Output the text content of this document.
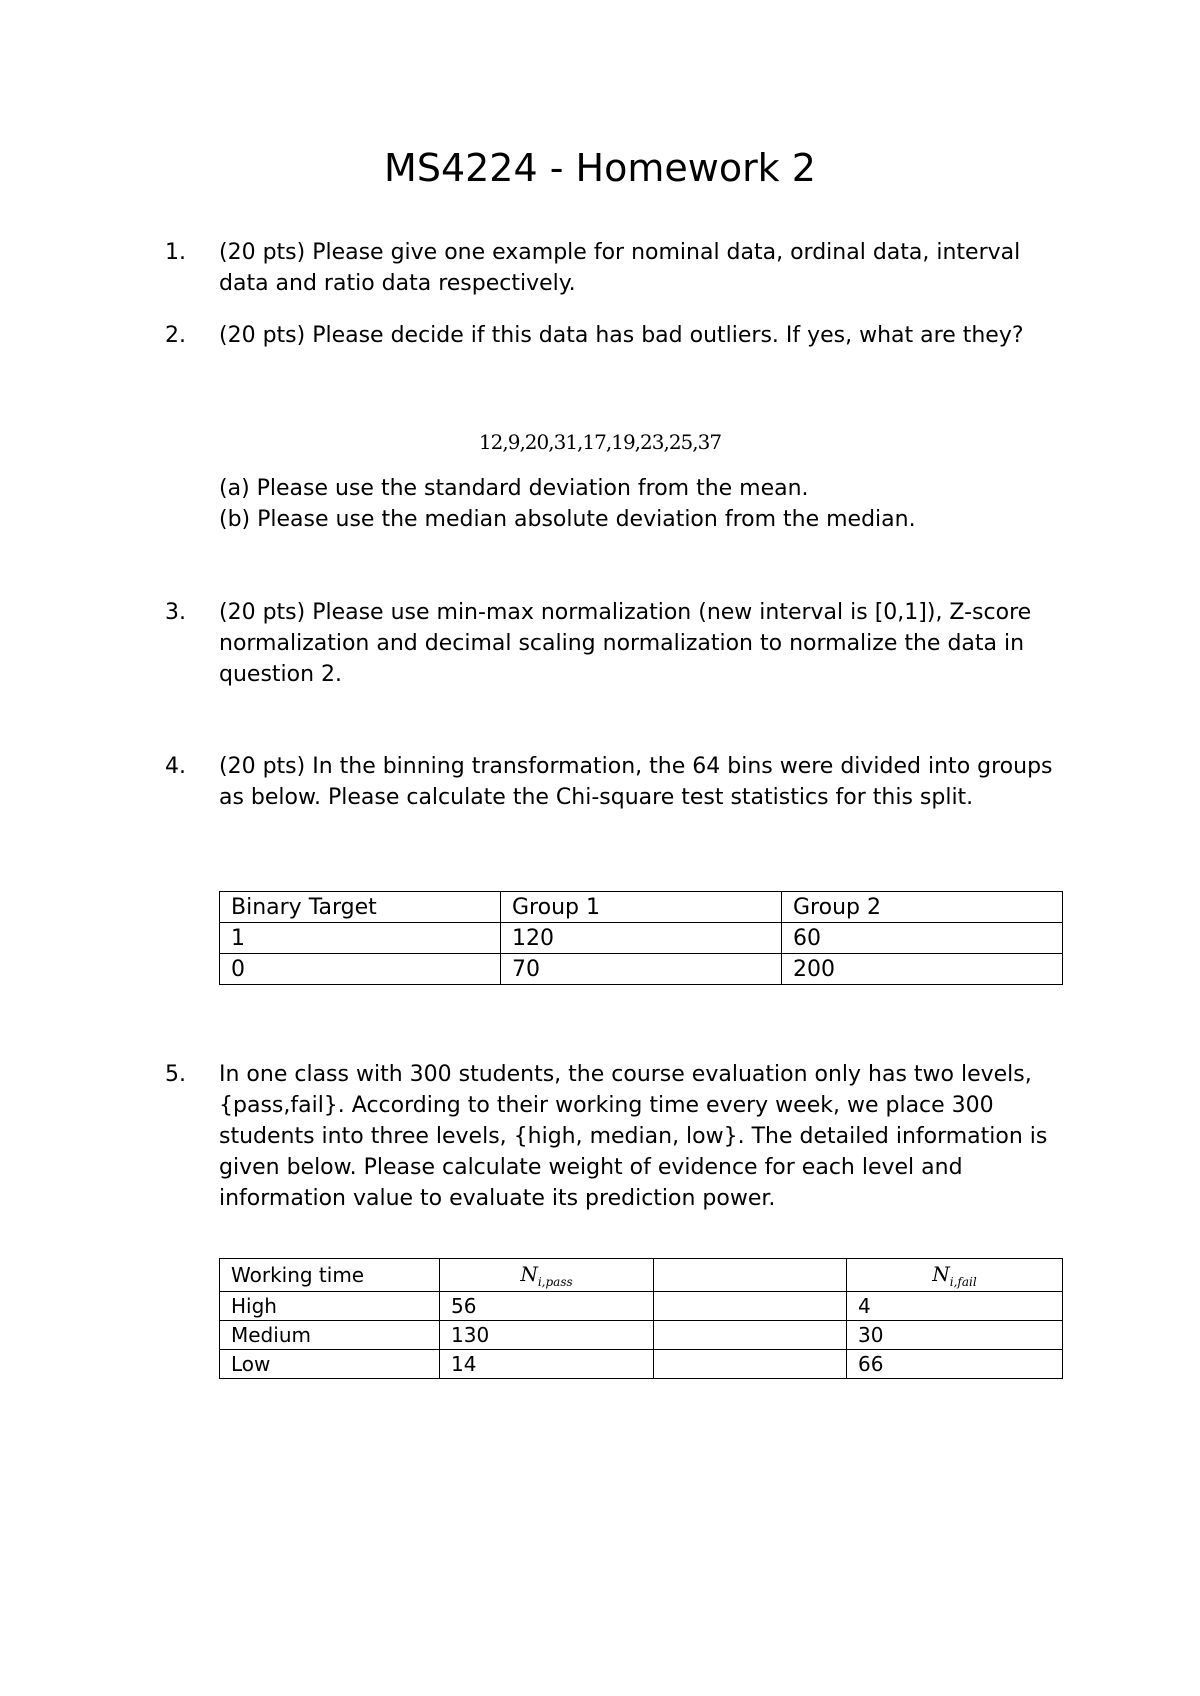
MS4224 - Homework 2
1. (20 pts) Please give one example for nominal data, ordinal data, interval data and ratio data respectively.
2. (20 pts) Please decide if this data has bad outliers. If yes, what are they?
12,9,20,31,17,19,23,25,37
(a) Please use the standard deviation from the mean.
(b) Please use the median absolute deviation from the median.
3. (20 pts) Please use min-max normalization (new interval is [0,1]), Z-score normalization and decimal scaling normalization to normalize the data in question 2.
4. (20 pts) In the binning transformation, the 64 bins were divided into groups as below. Please calculate the Chi-square test statistics for this split.
Binary Target	Group 1	Group 2
1	120	60
0	70	200
5. In one class with 300 students, the course evaluation only has two levels, {pass,fail}. According to their working time every week, we place 300 students into three levels, {high, median, low}. The detailed information is given below. Please calculate weight of evidence for each level and information value to evaluate its prediction power.
Working time	$N_{i,pass}$		$N_{i,fail}$
High	56		4
Medium	130		30
Low	14		66
